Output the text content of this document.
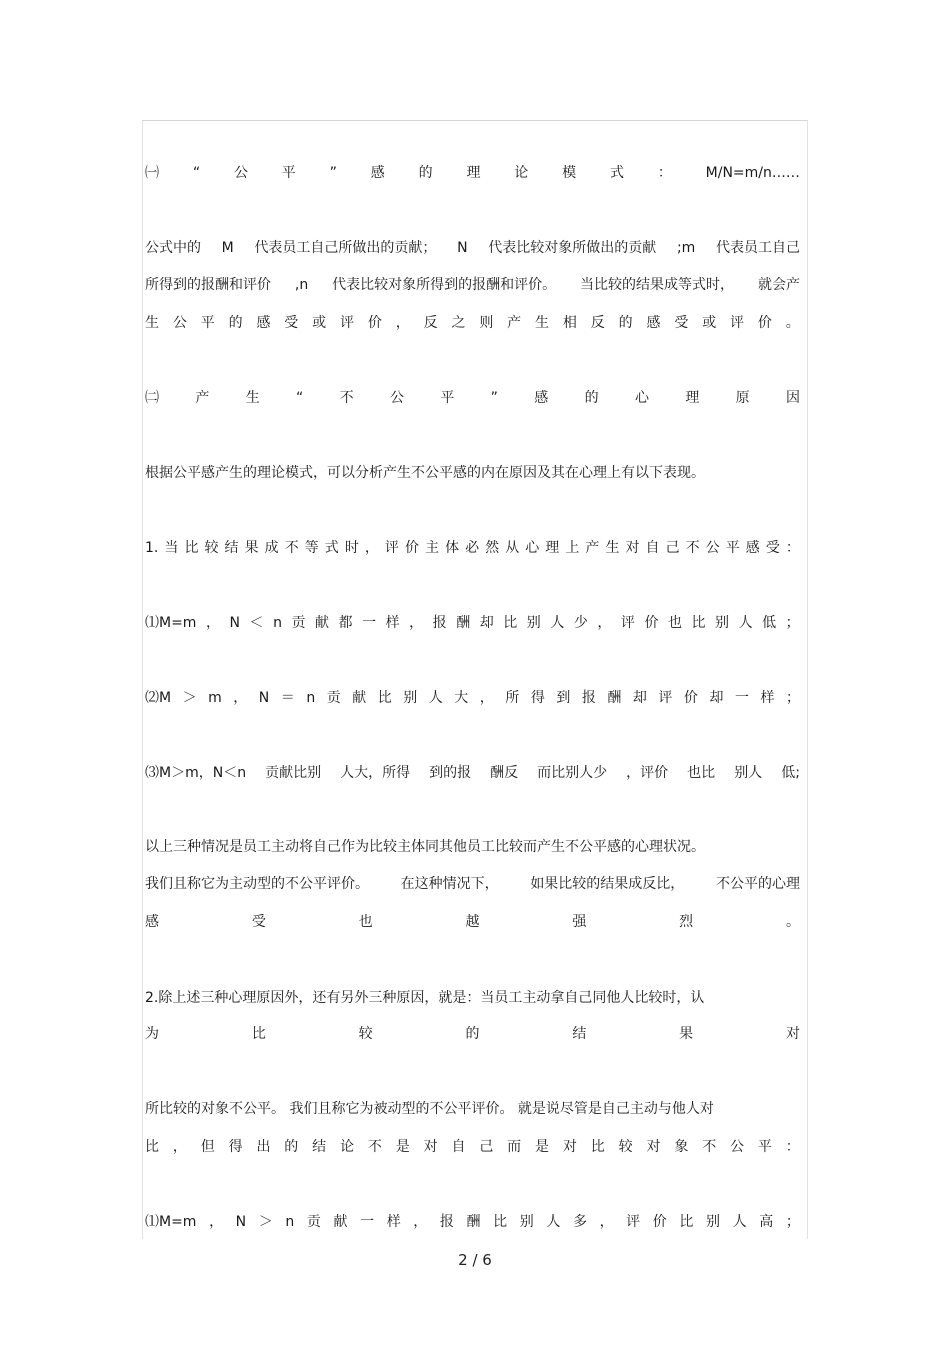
㈠ “ 公 平 ” 感 的 理 论 模 式 ： M/N=m/n……
公式中的 M 代表员工自己所做出的贡献； N 代表比较对象所做出的贡献 ;m 代表员工自己
所得到的报酬和评价 ,n 代表比较对象所得到的报酬和评价。 当比较的结果成等式时， 就会产
生 公 平 的 感 受 或 评 价 ， 反 之 则 产 生 相 反 的 感 受 或 评 价 。
㈡	产	生	“	不	公	平	”	感	的	心	理	原	因
根据公平感产生的理论模式，可以分析产生不公平感的内在原因及其在心理上有以下表现。
1. 当 比 较 结 果 成 不 等 式 时 ， 评 价 主 体 必 然 从 心 理 上 产 生 对 自 己 不 公 平 感 受 ：
⑴M=m ， N ＜ n 贡 献 都 一 样 ， 报 酬 却 比 别 人 少 ， 评 价 也 比 别 人 低 ；
⑵M ＞ m ， N ＝ n 贡 献 比 别 人 大 ， 所 得 到 报 酬 却 评 价 却 一 样 ；
⑶M＞m，N＜n 贡献比别 人大，所得 到的报 酬反 而比别人少 ，评价 也比 别人 低;
以上三种情况是员工主动将自己作为比较主体同其他员工比较而产生不公平感的心理状况。
我们且称它为主动型的不公平评价。 在这种情况下， 如果比较的结果成反比， 不公平的心理
感	受	也	越	强	烈	。
2.除上述三种心理原因外，还有另外三种原因，就是：当员工主动拿自己同他人比较时，认
为	比	较	的	结	果	对
所比较的对象不公平。 我们且称它为被动型的不公平评价。 就是说尽管是自己主动与他人对
比 ， 但 得 出 的 结 论 不 是 对 自 己 而 是 对 比 较 对 象 不 公 平 ：
⑴M=m ， N ＞ n 贡 献 一 样 ， 报 酬 比 别 人 多 ， 评 价 比 别 人 高 ；
2 / 6
